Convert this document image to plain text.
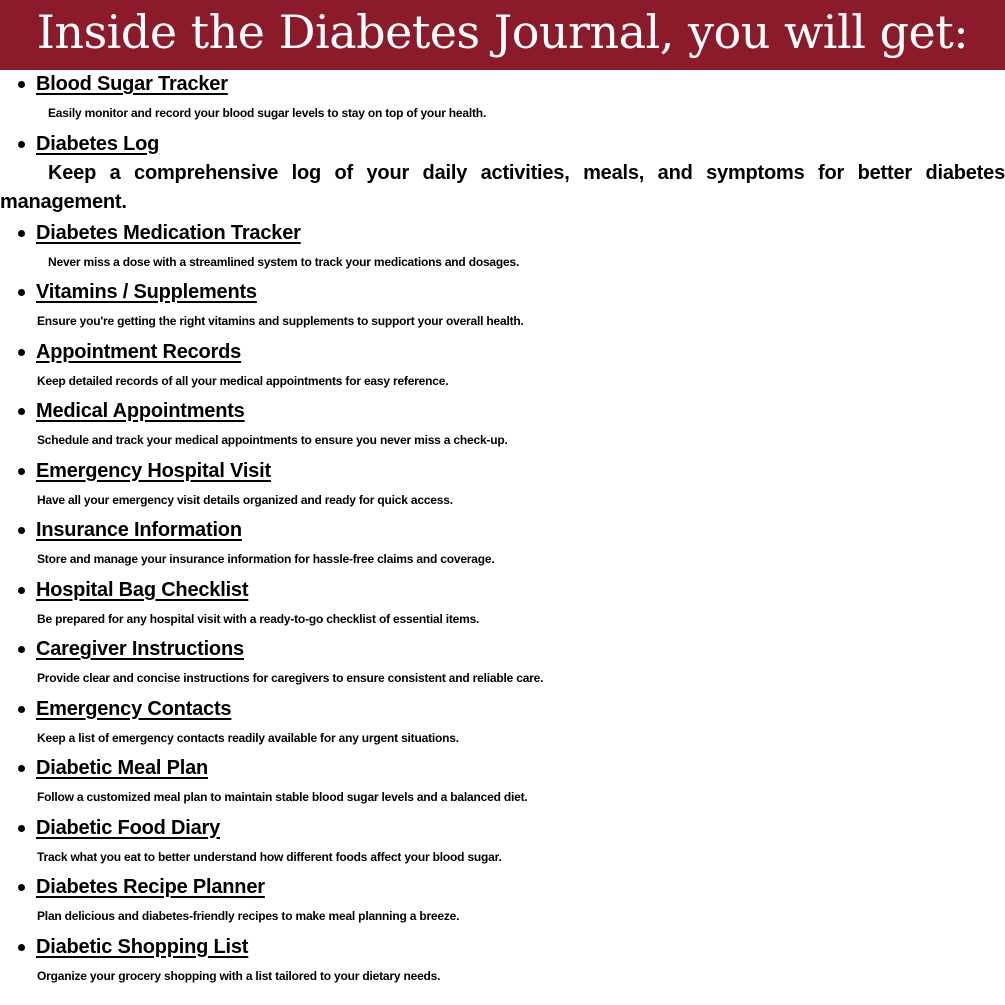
Inside the Diabetes Journal, you will get:
Blood Sugar Tracker

Easily monitor and record your blood sugar levels to stay on top of your health.

Diabetes Log

Keep a comprehensive log of your daily activities, meals, and symptoms for better diabetes management.

Diabetes Medication Tracker

Never miss a dose with a streamlined system to track your medications and dosages.

Vitamins / Supplements

Ensure you're getting the right vitamins and supplements to support your overall health.

Appointment Records

Keep detailed records of all your medical appointments for easy reference.

Medical Appointments

Schedule and track your medical appointments to ensure you never miss a check-up.

Emergency Hospital Visit

Have all your emergency visit details organized and ready for quick access.

Insurance Information

Store and manage your insurance information for hassle-free claims and coverage.

Hospital Bag Checklist

Be prepared for any hospital visit with a ready-to-go checklist of essential items.

Caregiver Instructions

Provide clear and concise instructions for caregivers to ensure consistent and reliable care.

Emergency Contacts

Keep a list of emergency contacts readily available for any urgent situations.

Diabetic Meal Plan

Follow a customized meal plan to maintain stable blood sugar levels and a balanced diet.

Diabetic Food Diary

Track what you eat to better understand how different foods affect your blood sugar.

Diabetes Recipe Planner

Plan delicious and diabetes-friendly recipes to make meal planning a breeze.

Diabetic Shopping List

Organize your grocery shopping with a list tailored to your dietary needs.
